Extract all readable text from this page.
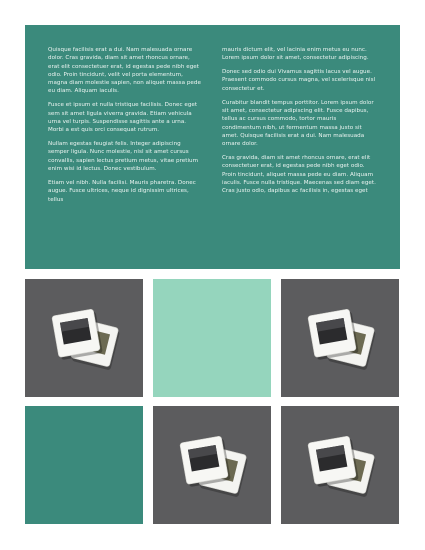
Quisque facilisis erat a dui. Nam malesuada ornare dolor. Cras gravida, diam sit amet rhoncus ornare, erat elit consectetuer erat, id egestas pede nibh eget odio. Proin tincidunt, velit vel porta elementum, magna diam molestie sapien, non aliquet massa pede eu diam. Aliquam iaculis.

Fusce et ipsum et nulla tristique facilisis. Donec eget sem sit amet ligula viverra gravida. Etiam vehicula urna vel turpis. Suspendisse sagittis ante a urna. Morbi a est quis orci consequat rutrum.

Nullam egestas feugiat felis. Integer adipiscing semper ligula. Nunc molestie, nisl sit amet cursus convallis, sapien lectus pretium metus, vitae pretium enim wisi id lectus. Donec vestibulum.

Etiam vel nibh. Nulla facilisi. Mauris pharetra. Donec augue. Fusce ultrices, neque id dignissim ultrices, tellus

mauris dictum elit, vel lacinia enim metus eu nunc. Lorem ipsum dolor sit amet, consectetur adipiscing.

Donec sed odio dui Vivamus sagittis lacus vel augue. Praesent commodo cursus magna, vel scelerisque nisl consectetur et.

Curabitur blandit tempus porttitor. Lorem ipsum dolor sit amet, consectetur adipiscing elit. Fusce dapibus, tellus ac cursus commodo, tortor mauris condimentum nibh, ut fermentum massa justo sit amet. Quisque facilisis erat a dui. Nam malesuada ornare dolor.

Cras gravida, diam sit amet rhoncus ornare, erat elit consectetuer erat, id egestas pede nibh eget odio. Proin tincidunt, aliquet massa pede eu diam. Aliquam iaculis. Fusce nulla tristique. Maecenas sed diam eget. Cras justo odio, dapibus ac facilisis in, egestas eget
